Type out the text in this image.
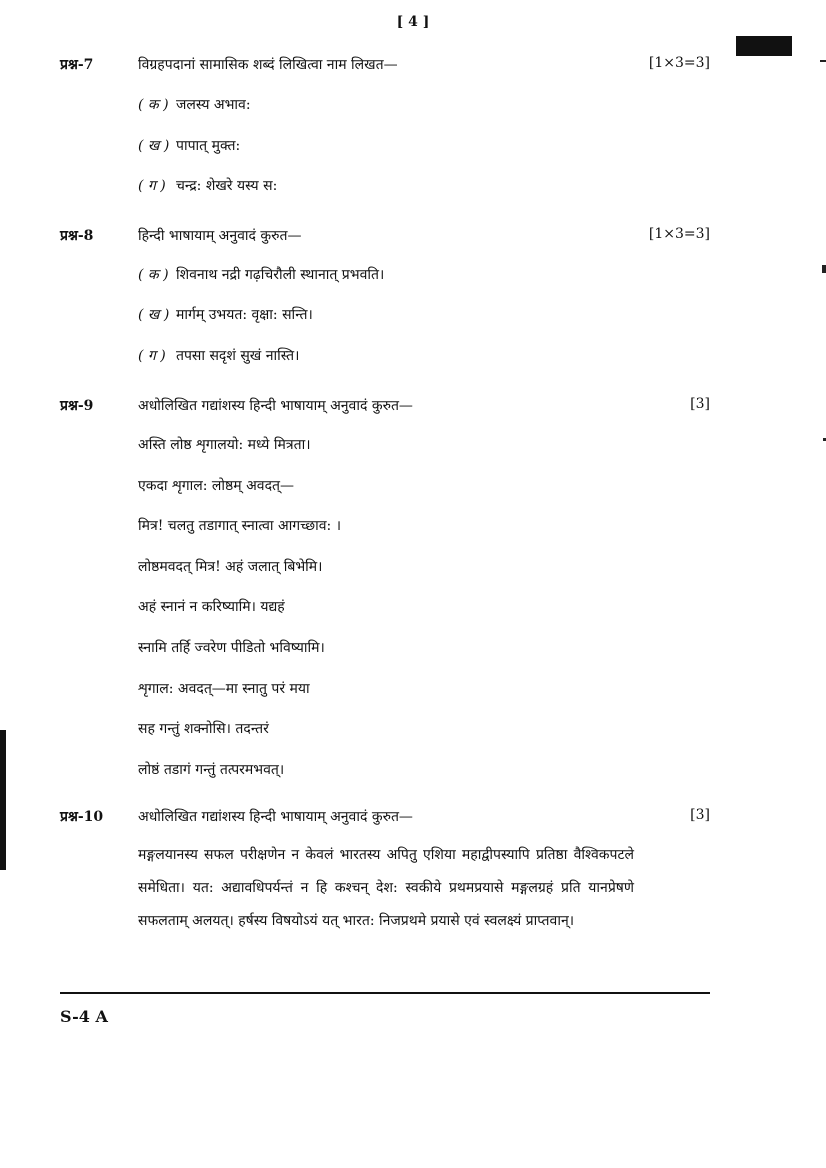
[ 4 ]
प्रश्न-7	विग्रहपदानां सामासिक शब्दं लिखित्वा नाम लिखत—	[1×3=3]
( क ) जलस्य अभाव:
( ख ) पापात् मुक्त:
( ग ) चन्द्र: शेखरे यस्य स:
प्रश्न-8	हिन्दी भाषायाम् अनुवादं कुरुत—	[1×3=3]
( क ) शिवनाथ नद्री गढ़चिरौली स्थानात् प्रभवति।
( ख ) मार्गम् उभयत: वृक्षा: सन्ति।
( ग ) तपसा सदृशं सुखं नास्ति।
प्रश्न-9	अधोलिखित गद्यांशस्य हिन्दी भाषायाम् अनुवादं कुरुत—	[3]
अस्ति लोष्ठ शृगालयो: मध्ये मित्रता।
एकदा शृगाल: लोष्ठम् अवदत्—
मित्र! चलतु तडागात् स्नात्वा आगच्छाव: ।
लोष्ठमवदत् मित्र! अहं जलात् बिभेमि।
अहं स्नानं न करिष्यामि। यद्यहं
स्नामि तर्हि ज्वरेण पीडितो भविष्यामि।
शृगाल: अवदत्—मा स्नातु परं मया
सह गन्तुं शक्नोसि। तदन्तरं
लोष्ठं तडागं गन्तुं तत्परमभवत्।
प्रश्न-10 अधोलिखित गद्यांशस्य हिन्दी भाषायाम् अनुवादं कुरुत—	[3]
मङ्गलयानस्य सफल परीक्षणेन न केवलं भारतस्य अपितु एशिया महाद्वीपस्यापि प्रतिष्ठा वैश्विकपटले समेधिता। यत: अद्यावधिपर्यन्तं न हि कश्चन् देश: स्वकीये प्रथमप्रयासे मङ्गलग्रहं प्रति यानप्रेषणे सफलताम् अलयत्। हर्षस्य विषयोऽयं यत् भारत: निजप्रथमे प्रयासे एवं स्वलक्ष्यं प्राप्तवान्।
S-4 A
